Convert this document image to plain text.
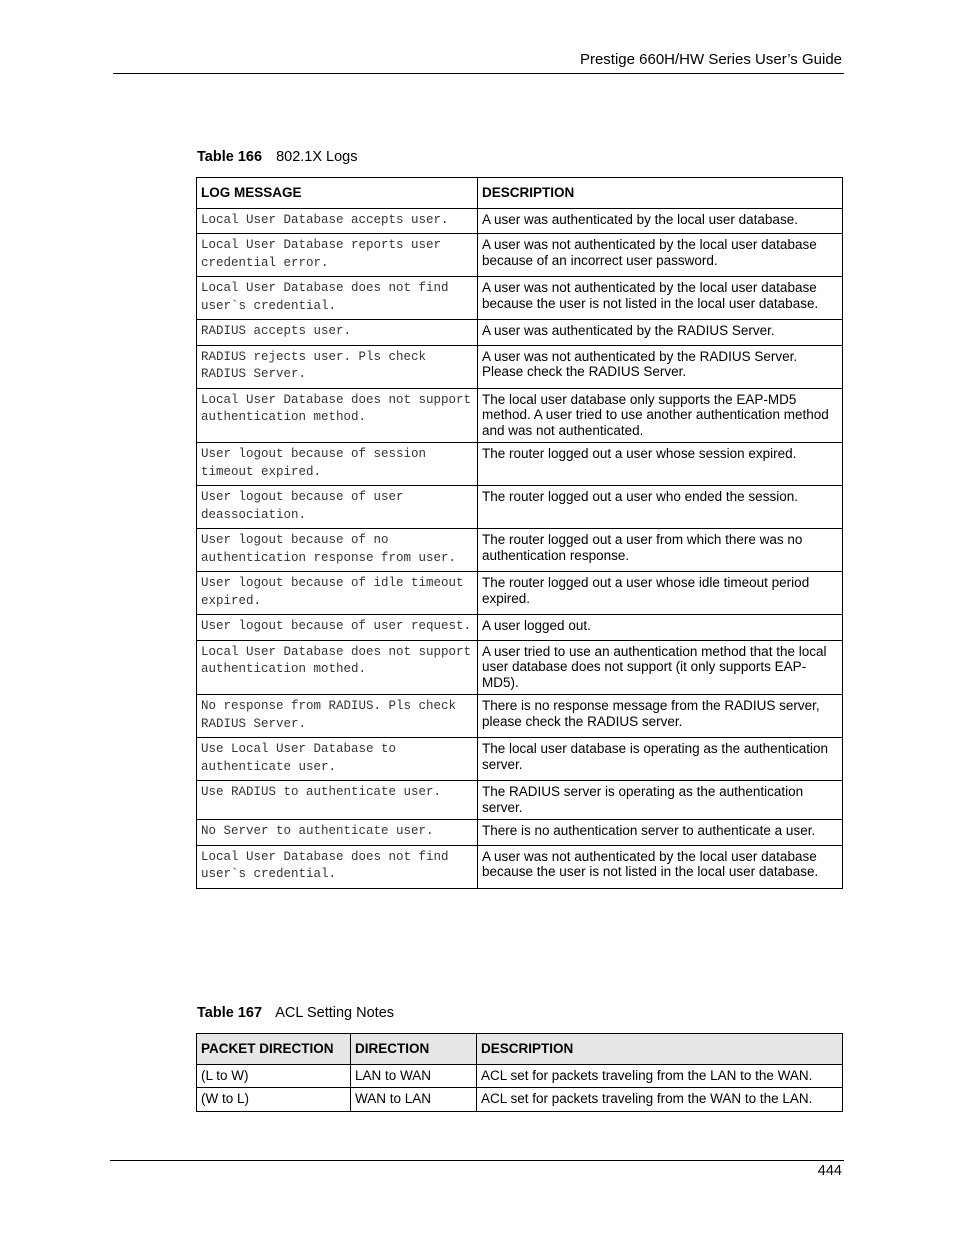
Prestige 660H/HW Series User’s Guide
Table 166 802.1X Logs
LOG MESSAGE	DESCRIPTION
Local User Database accepts user.	A user was authenticated by the local user database.
Local User Database reports user credential error.	A user was not authenticated by the local user database because of an incorrect user password.
Local User Database does not find user`s credential.	A user was not authenticated by the local user database because the user is not listed in the local user database.
RADIUS accepts user.	A user was authenticated by the RADIUS Server.
RADIUS rejects user. Pls check RADIUS Server.	A user was not authenticated by the RADIUS Server. Please check the RADIUS Server.
Local User Database does not support authentication method.	The local user database only supports the EAP-MD5 method. A user tried to use another authentication method and was not authenticated.
User logout because of session timeout expired.	The router logged out a user whose session expired.
User logout because of user deassociation.	The router logged out a user who ended the session.
User logout because of no authentication response from user.	The router logged out a user from which there was no authentication response.
User logout because of idle timeout expired.	The router logged out a user whose idle timeout period expired.
User logout because of user request.	A user logged out.
Local User Database does not support authentication mothed.	A user tried to use an authentication method that the local user database does not support (it only supports EAP-MD5).
No response from RADIUS. Pls check RADIUS Server.	There is no response message from the RADIUS server, please check the RADIUS server.
Use Local User Database to authenticate user.	The local user database is operating as the authentication server.
Use RADIUS to authenticate user.	The RADIUS server is operating as the authentication server.
No Server to authenticate user.	There is no authentication server to authenticate a user.
Local User Database does not find user`s credential.	A user was not authenticated by the local user database because the user is not listed in the local user database.
Table 167 ACL Setting Notes
PACKET DIRECTION	DIRECTION	DESCRIPTION
(L to W)	LAN to WAN	ACL set for packets traveling from the LAN to the WAN.
(W to L)	WAN to LAN	ACL set for packets traveling from the WAN to the LAN.
444
